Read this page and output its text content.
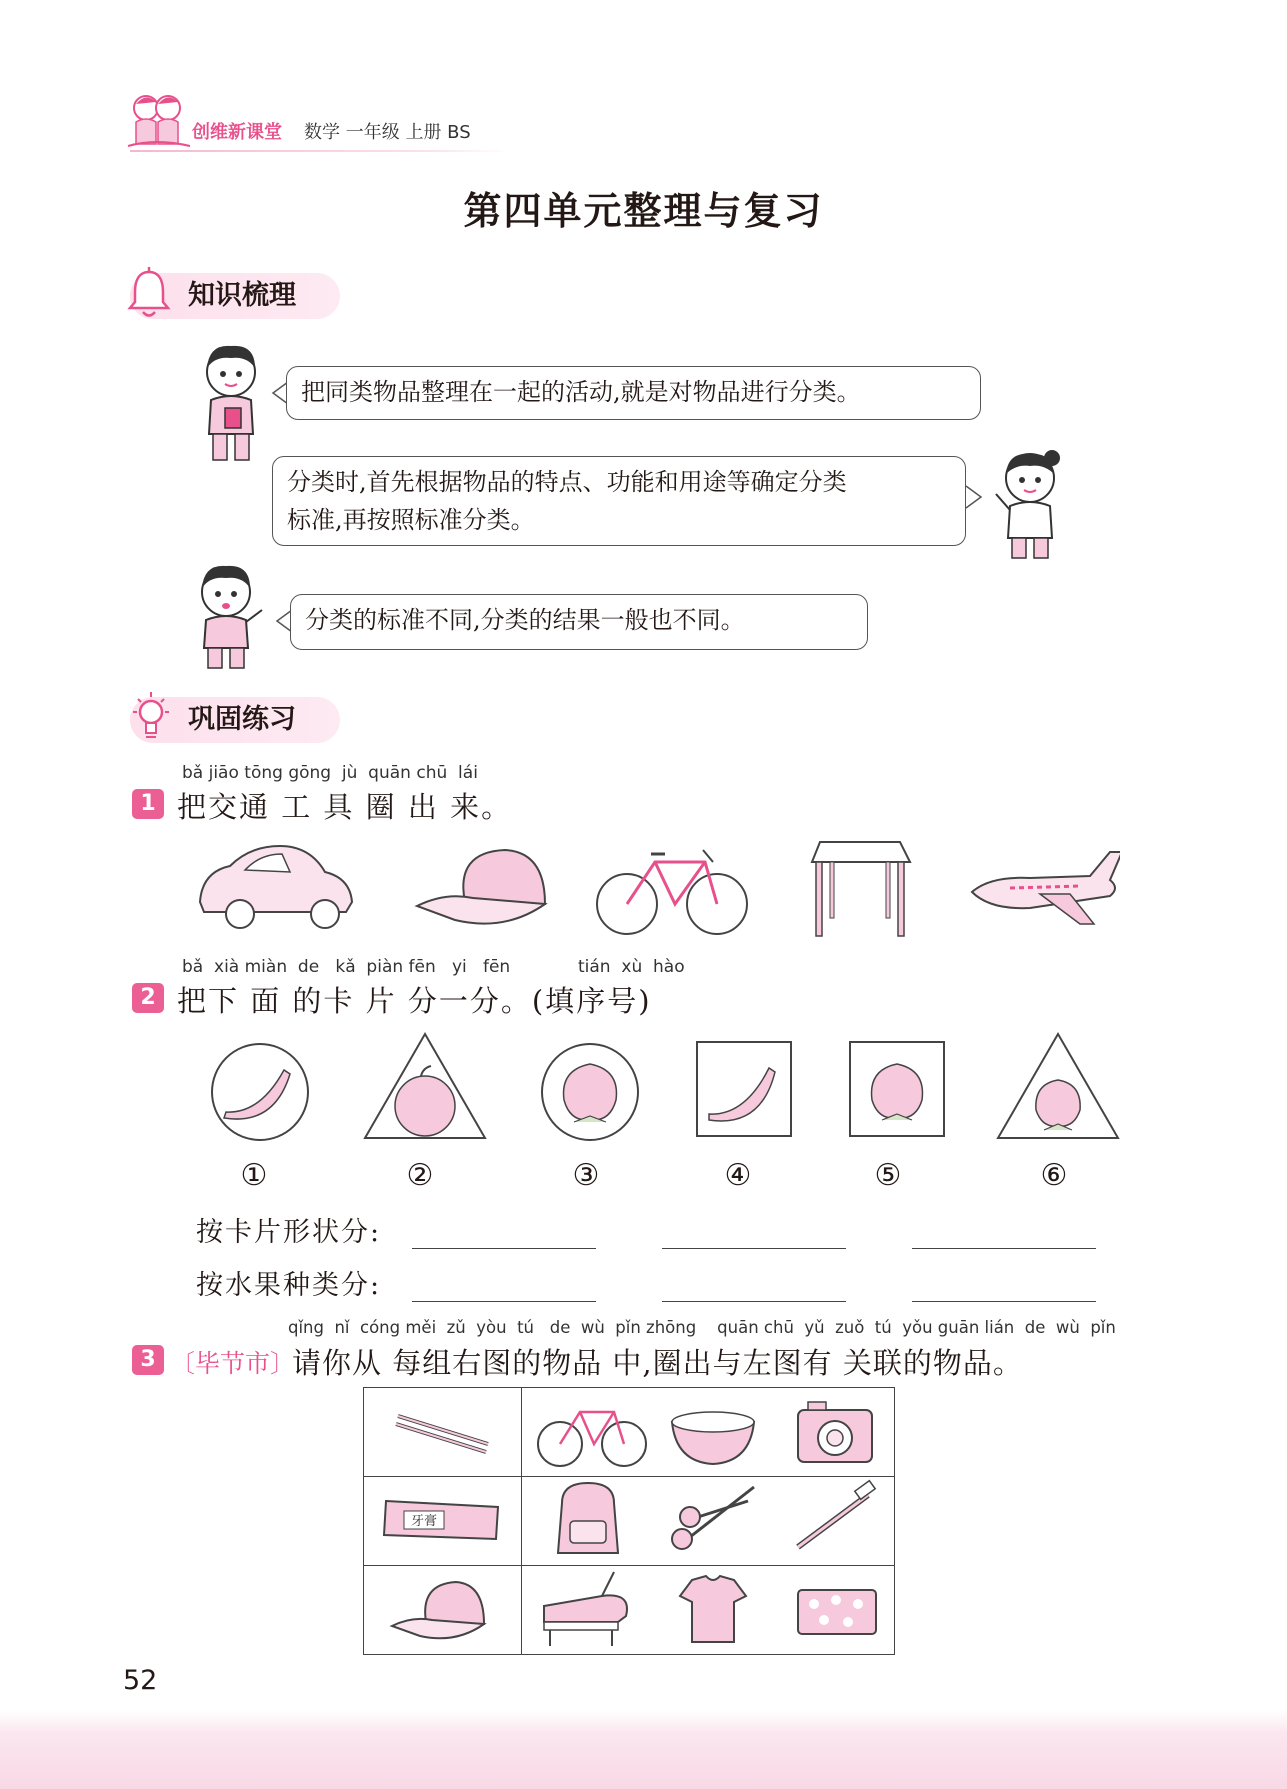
创维新课堂 数学 一年级 上册 BS
第四单元整理与复习
知识梳理
把同类物品整理在一起的活动,就是对物品进行分类。
分类时,首先根据物品的特点、功能和用途等确定分类
标准,再按照标准分类。
分类的标准不同,分类的结果一般也不同。
巩固练习
bǎ jiāo tōng gōng  jù  quān chū  lái
1 把交通 工 具 圈 出 来。
bǎ  xià miàn  de   kǎ  piàn fēn   yi   fēn	tián  xù  hào
2 把下 面 的卡 片 分一分。(填序号)
①	②	③	④	⑤	⑥
按卡片形状分:
按水果种类分:
qǐng  nǐ  cóng měi  zǔ  yòu  tú   de  wù  pǐn zhōng    quān chū  yǔ  zuǒ  tú  yǒu guān lián  de  wù  pǐn
3 〔毕节市〕
请你从 每组右图的物品 中,圈出与左图有 关联的物品。

牙膏

52
